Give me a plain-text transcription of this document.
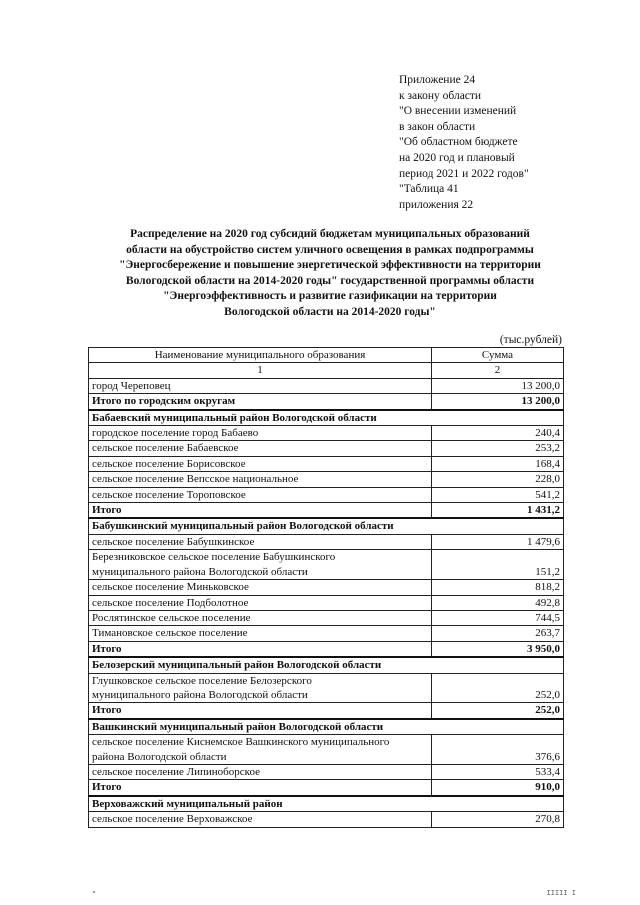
Приложение 24
к закону области
"О внесении изменений
в закон области
"Об областном бюджете
на 2020 год и плановый
период 2021 и 2022 годов"
"Таблица 41
приложения 22
Распределение на 2020 год субсидий бюджетам муниципальных образований
области на обустройство систем уличного освещения в рамках подпрограммы
"Энергосбережение и повышение энергетической эффективности на территории
Вологодской области на 2014-2020 годы" государственной программы области
"Энергоэффективность и развитие газификации на территории
Вологодской области на 2014-2020 годы"
(тыс.рублей)
Наименование муниципального образования	Сумма
1	2
город Череповец	13 200,0
Итого по городским округам	13 200,0
Бабаевский муниципальный район Вологодской области	
городское поселение город Бабаево	240,4
сельское поселение Бабаевское	253,2
сельское поселение Борисовское	168,4
сельское поселение Вепсское национальное	228,0
сельское поселение Тороповское	541,2
Итого	1 431,2
Бабушкинский муниципальный район Вологодской области	
сельское поселение Бабушкинское	1 479,6

Березниковское сельское поселение Бабушкинского
муниципального района Вологодской области	151,2
сельское поселение Миньковское	818,2
сельское поселение Подболотное	492,8
Рослятинское сельское поселение	744,5
Тимановское сельское поселение	263,7
Итого	3 950,0
Белозерский муниципальный район Вологодской области	

Глушковское сельское поселение Белозерского
муниципального района Вологодской области	252,0
Итого	252,0
Вашкинский муниципальный район Вологодской области	

сельское поселение Киснемское Вашкинского муниципального
района Вологодской области	376,6
сельское поселение Липиноборское	533,4
Итого	910,0
Верховажский муниципальный район	
сельское поселение Верховажское	270,8
IIIII I
